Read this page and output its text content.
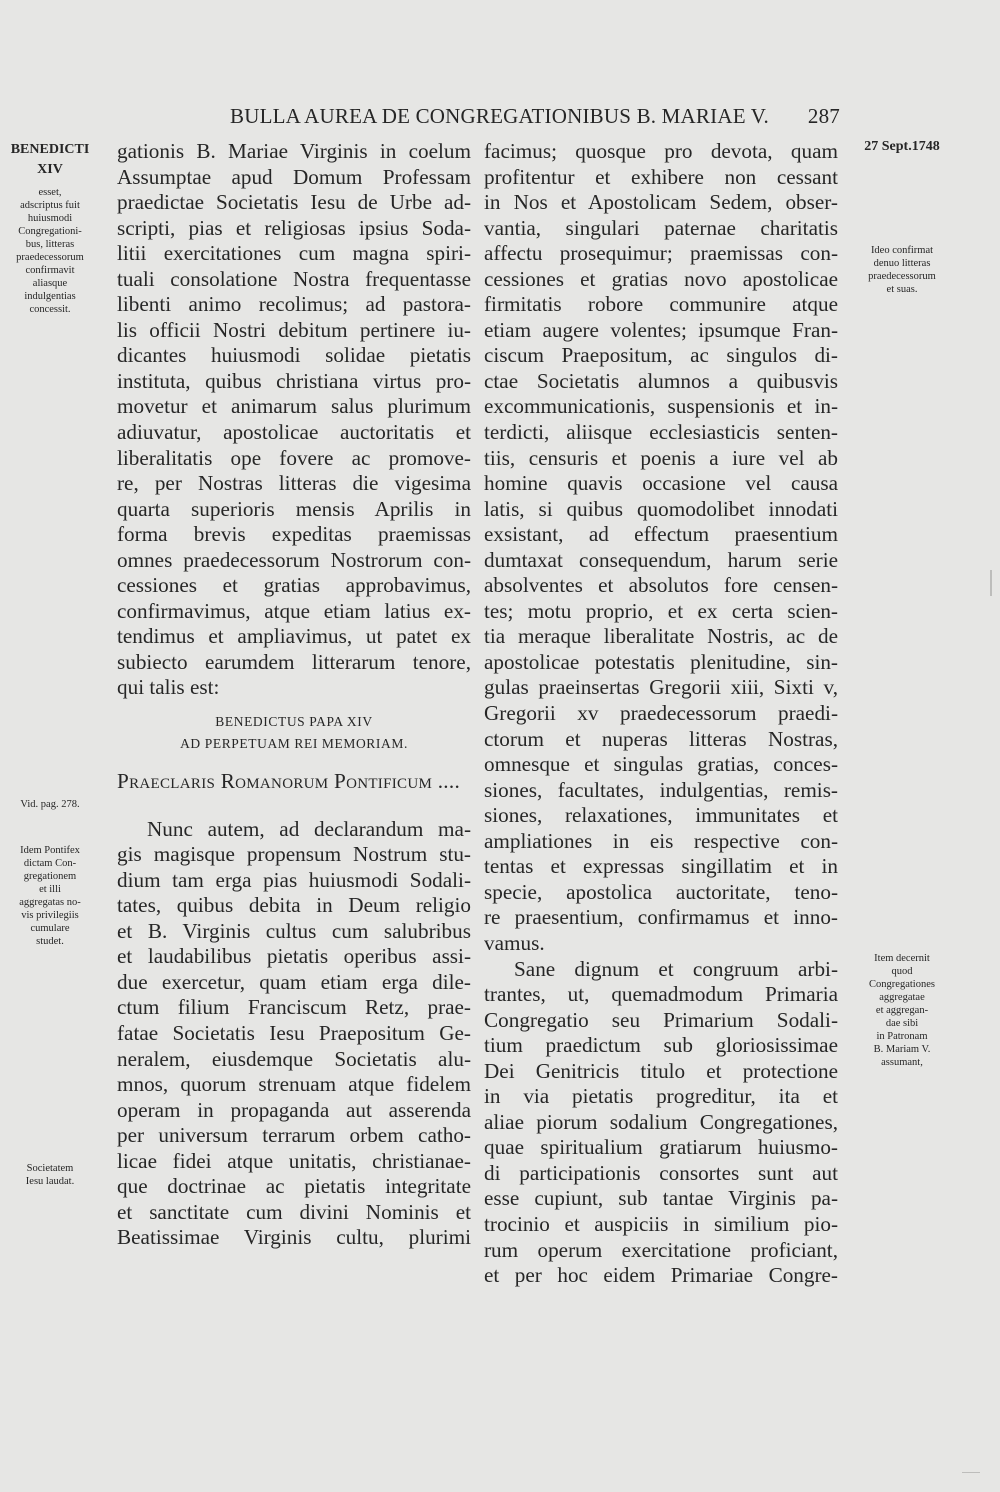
BULLA AUREA DE CONGREGATIONIBUS B. MARIAE V. 287
BENEDICTI
XIV
esset,
adscriptus fuit
huiusmodi
Congregationi-
bus, litteras
praedecessorum
confirmavit
aliasque
indulgentias
concessit.
Vid. pag. 278.
Idem Pontifex
dictam Con-
gregationem
et illi
aggregatas no-
vis privilegiis
cumulare
studet.
Societatem
Iesu laudat.
27 Sept.1748
Ideo confirmat
denuo litteras
praedecessorum
et suas.
Item decernit
quod
Congregationes
aggregatae
et aggregan-
dae sibi
in Patronam
B. Mariam V.
assumant,
gationis B. Mariae Virginis in coelum
Assumptae apud Domum Professam
praedictae Societatis Iesu de Urbe ad-
scripti, pias et religiosas ipsius Soda-
litii exercitationes cum magna spiri-
tuali consolatione Nostra frequentasse
libenti animo recolimus; ad pastora-
lis officii Nostri debitum pertinere iu-
dicantes huiusmodi solidae pietatis
instituta, quibus christiana virtus pro-
movetur et animarum salus plurimum
adiuvatur, apostolicae auctoritatis et
liberalitatis ope fovere ac promove-
re, per Nostras litteras die vigesima
quarta superioris mensis Aprilis in
forma brevis expeditas praemissas
omnes praedecessorum Nostrorum con-
cessiones et gratias approbavimus,
confirmavimus, atque etiam latius ex-
tendimus et ampliavimus, ut patet ex
subiecto earumdem litterarum tenore,
qui talis est:
BENEDICTUS PAPA XIV
AD PERPETUAM REI MEMORIAM.
Praeclaris Romanorum Pontificum ....
Nunc autem, ad declarandum ma-
gis magisque propensum Nostrum stu-
dium tam erga pias huiusmodi Sodali-
tates, quibus debita in Deum religio
et B. Virginis cultus cum salubribus
et laudabilibus pietatis operibus assi-
due exercetur, quam etiam erga dile-
ctum filium Franciscum Retz, prae-
fatae Societatis Iesu Praepositum Ge-
neralem, eiusdemque Societatis alu-
mnos, quorum strenuam atque fidelem
operam in propaganda aut asserenda
per universum terrarum orbem catho-
licae fidei atque unitatis, christianae-
que doctrinae ac pietatis integritate
et sanctitate cum divini Nominis et
Beatissimae Virginis cultu, plurimi
facimus; quosque pro devota, quam
profitentur et exhibere non cessant
in Nos et Apostolicam Sedem, obser-
vantia, singulari paternae charitatis
affectu prosequimur; praemissas con-
cessiones et gratias novo apostolicae
firmitatis robore communire atque
etiam augere volentes; ipsumque Fran-
ciscum Praepositum, ac singulos di-
ctae Societatis alumnos a quibusvis
excommunicationis, suspensionis et in-
terdicti, aliisque ecclesiasticis senten-
tiis, censuris et poenis a iure vel ab
homine quavis occasione vel causa
latis, si quibus quomodolibet innodati
exsistant, ad effectum praesentium
dumtaxat consequendum, harum serie
absolventes et absolutos fore censen-
tes; motu proprio, et ex certa scien-
tia meraque liberalitate Nostris, ac de
apostolicae potestatis plenitudine, sin-
gulas praeinsertas Gregorii xiii, Sixti v,
Gregorii xv praedecessorum praedi-
ctorum et nuperas litteras Nostras,
omnesque et singulas gratias, conces-
siones, facultates, indulgentias, remis-
siones, relaxationes, immunitates et
ampliationes in eis respective con-
tentas et expressas singillatim et in
specie, apostolica auctoritate, teno-
re praesentium, confirmamus et inno-
vamus.
Sane dignum et congruum arbi-
trantes, ut, quemadmodum Primaria
Congregatio seu Primarium Sodali-
tium praedictum sub gloriosissimae
Dei Genitricis titulo et protectione
in via pietatis progreditur, ita et
aliae piorum sodalium Congregationes,
quae spiritualium gratiarum huiusmo-
di participationis consortes sunt aut
esse cupiunt, sub tantae Virginis pa-
trocinio et auspiciis in similium pio-
rum operum exercitatione proficiant,
et per hoc eidem Primariae Congre-
